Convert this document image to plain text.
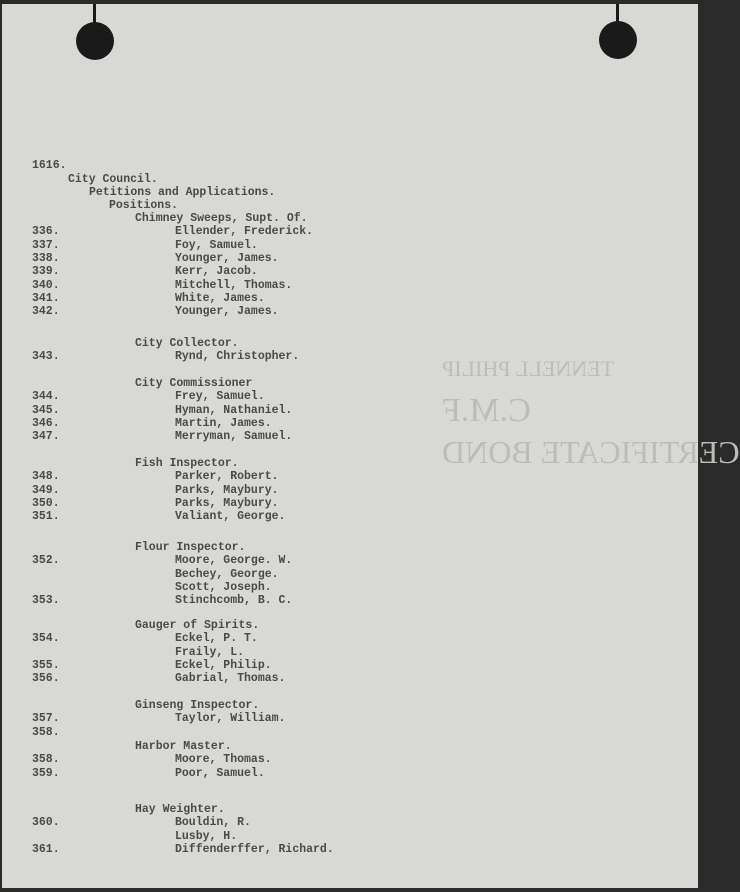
TENNELL PHILIP
C.M.F
CERTIFICATE BOND
1616.
City Council.
Petitions and Applications.
Positions.
Chimney Sweeps, Supt. Of.
336.	Ellender, Frederick.
337.	Foy, Samuel.
338.	Younger, James.
339.	Kerr, Jacob.
340.	Mitchell, Thomas.
341.	White, James.
342.	Younger, James.
City Collector.
343.	Rynd, Christopher.
City Commissioner
344.	Frey, Samuel.
345.	Hyman, Nathaniel.
346.	Martin, James.
347.	Merryman, Samuel.
Fish Inspector.
348.	Parker, Robert.
349.	Parks, Maybury.
350.	Parks, Maybury.
351.	Valiant, George.
Flour Inspector.
352.	Moore, George. W.
Bechey, George.
Scott, Joseph.
353.	Stinchcomb, B. C.
Gauger of Spirits.
354.	Eckel, P. T.
Fraily, L.
355.	Eckel, Philip.
356.	Gabrial, Thomas.
Ginseng Inspector.
357.	Taylor, William.
358.
Harbor Master.
358.	Moore, Thomas.
359.	Poor, Samuel.
Hay Weighter.
360.	Bouldin, R.
Lusby, H.
361.	Diffenderffer, Richard.
